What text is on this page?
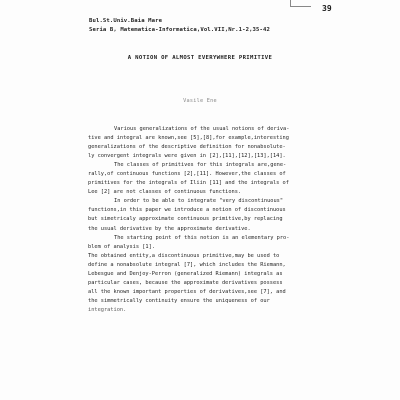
39
Bul.St.Univ.Baia Mare
Seria B, Matematica-Informatica,Vol.VII,Nr.1-2,35-42
A NOTION OF ALMOST EVERYWHERE PRIMITIVE
Vasile Ene
Various generalizations of the usual notions of deriva-
tive and integral are known,see [5],[8],for example,interesting
generalizations of the descriptive definition for nonabsolute-
ly convergent integrals were given in [2],[11],[12],[13],[14].
The classes of primitives for this integrals are,gene-
rally,of continuous functions [2],[11]. However,the classes of
primitives for the integrals of Iliin [11] and the integrals of
Lee [2] are not classes of continuous functions.
In order to be able to integrate "very discontinuous"
functions,in this paper we introduce a notion of discontinuous
but simetricaly approximate continuous primitive,by replacing
the usual derivative by the approximate derivative.
The starting point of this notion is an elementary pro-
blem of analysis [1].
The obtained entity,a discontinuous primitive,may be used to
define a nonabsolute integral [7], which includes the Riemann,
Lebesgue and Denjoy-Perron (generalized Riemann) integrals as
particular cases, because the approximate derivatives possess
all the known important properties of derivatives,see [7], and
the simmetrically continuity ensure the uniqueness of our
integration.
